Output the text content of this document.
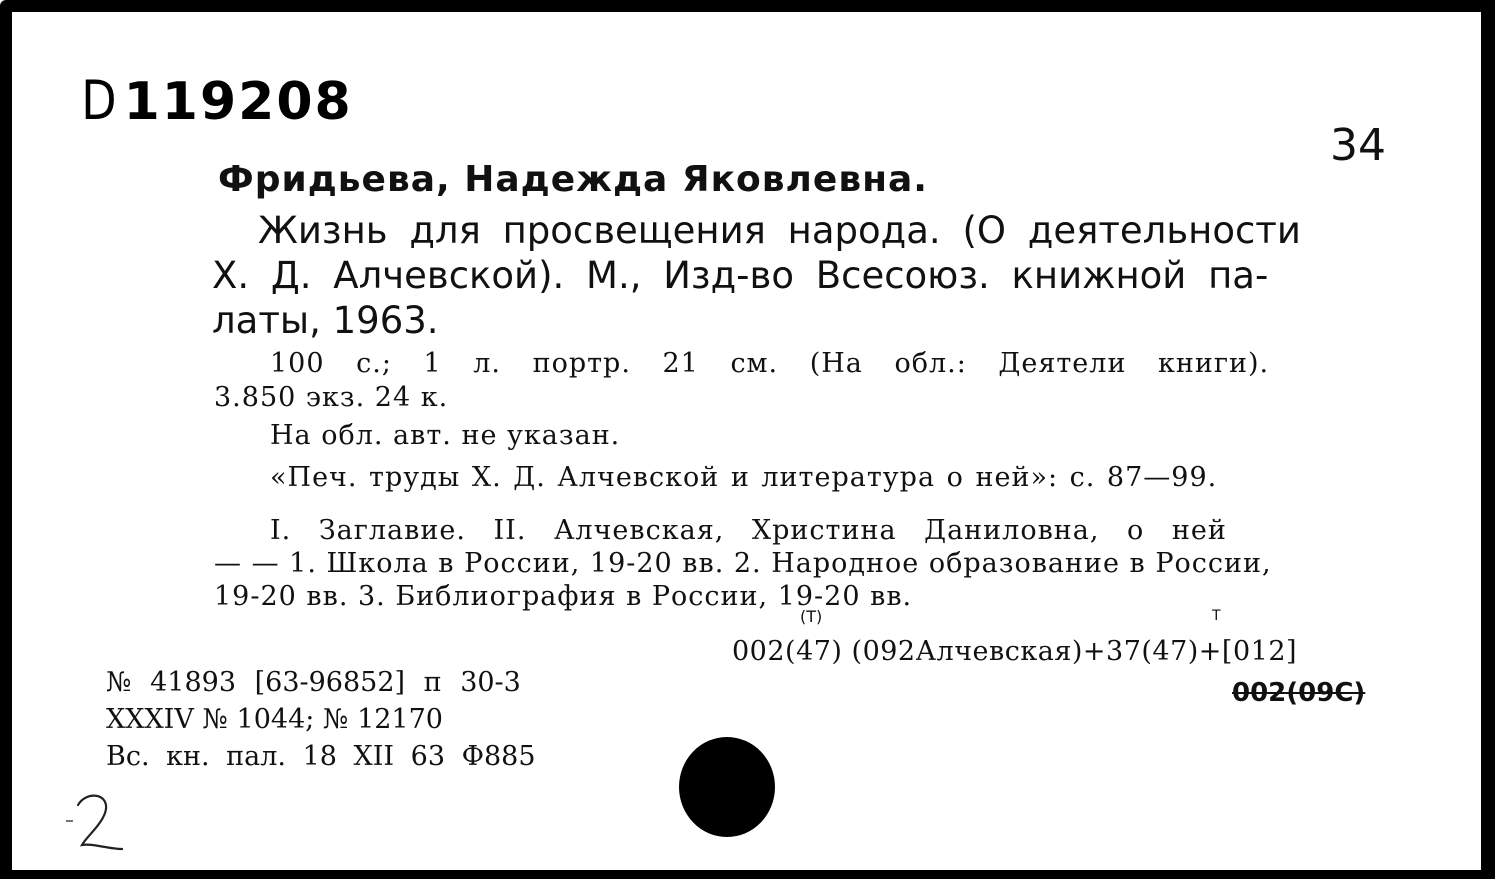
D 119208
34
Фридьева, Надежда Яковлевна.
Жизнь для просвещения народа. (О деятельности
Х. Д. Алчевской). М., Изд-во Всесоюз. книжной па-
латы, 1963.
100 с.; 1 л. портр. 21 см. (На обл.: Деятели книги).
3.850 экз. 24 к.
На обл. авт. не указан.
«Печ. труды Х. Д. Алчевской и литература о ней»: с. 87—99.
I. Заглавие. II. Алчевская, Христина Даниловна, о ней
— — 1. Школа в России, 19-20 вв. 2. Народное образование в России,
19-20 вв. 3. Библиография в России, 19-20 вв.
(Т)	Т
002(47) (092Алчевская)+37(47)+[012]
002(09С)
№ 41893 [63-96852] п 30-3
XXXIV № 1044; № 12170
Вс. кн. пал. 18 XII 63 Ф885
